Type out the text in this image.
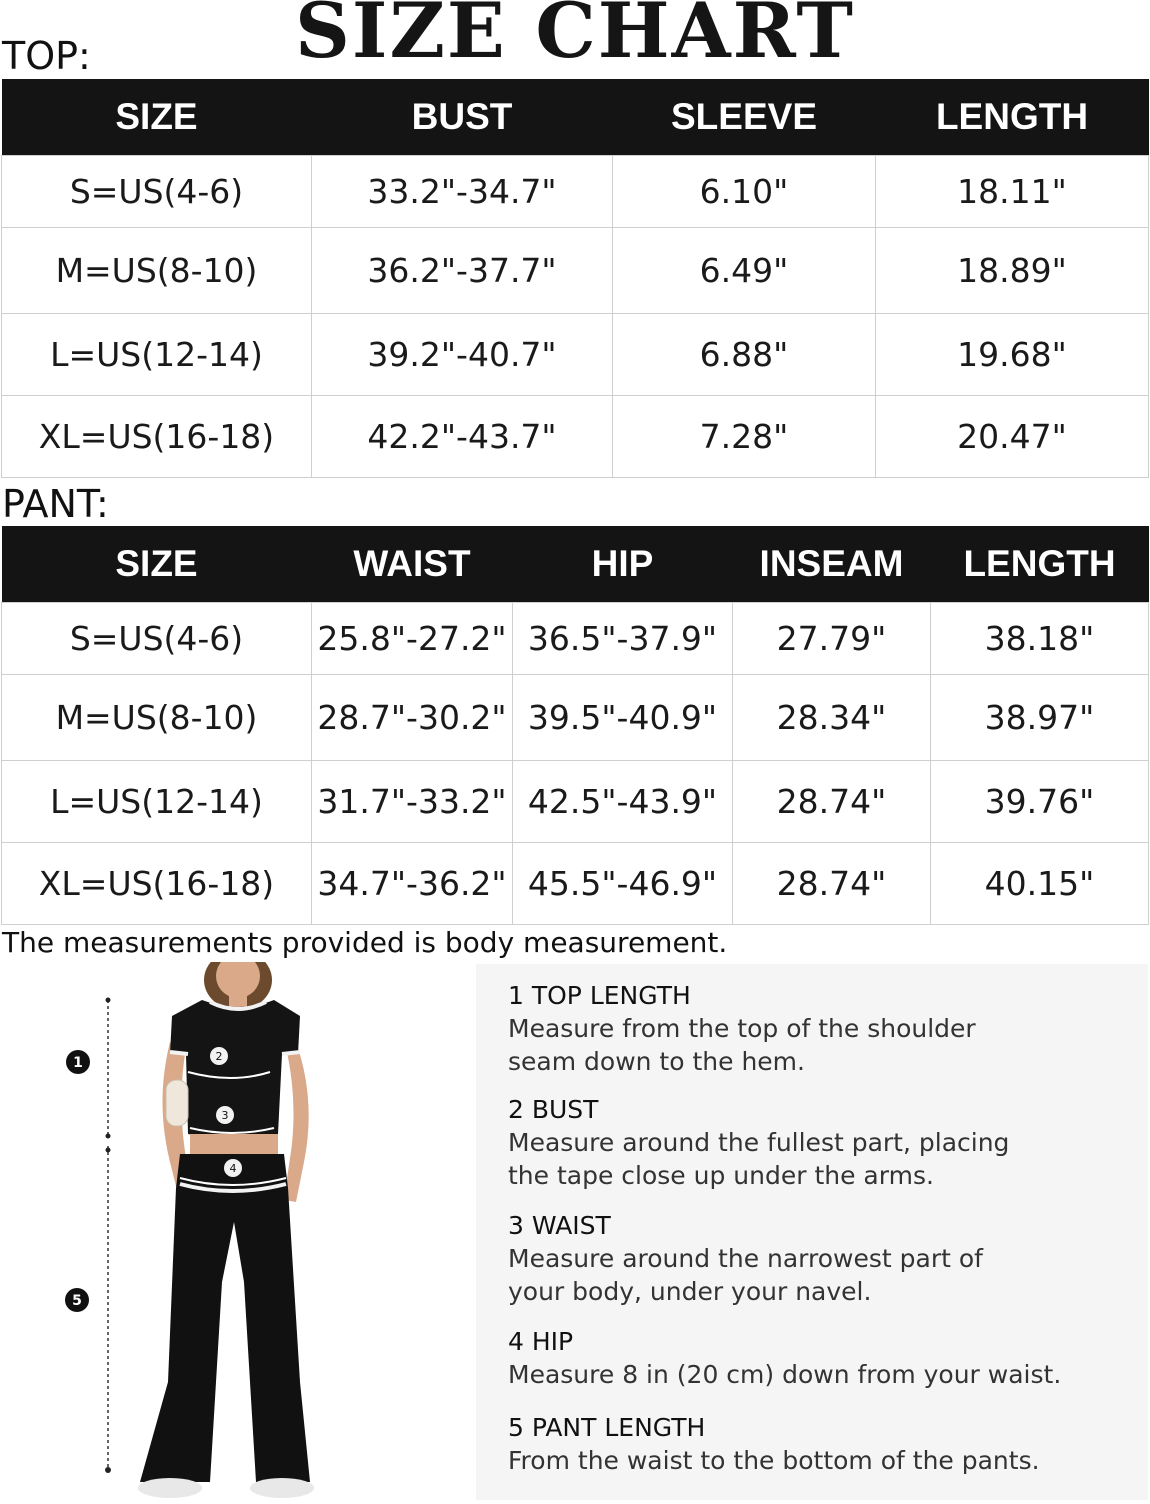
SIZE CHART
TOP:
SIZE	BUST	SLEEVE	LENGTH
S=US(4-6)	33.2"-34.7"	6.10"	18.11"
M=US(8-10)	36.2"-37.7"	6.49"	18.89"
L=US(12-14)	39.2"-40.7"	6.88"	19.68"
XL=US(16-18)	42.2"-43.7"	7.28"	20.47"
PANT:
SIZE	WAIST	HIP	INSEAM	LENGTH
S=US(4-6)	25.8"-27.2"	36.5"-37.9"	27.79"	38.18"
M=US(8-10)	28.7"-30.2"	39.5"-40.9"	28.34"	38.97"
L=US(12-14)	31.7"-33.2"	42.5"-43.9"	28.74"	39.76"
XL=US(16-18)	34.7"-36.2"	45.5"-46.9"	28.74"	40.15"
The measurements provided is body measurement.
1	2
3
4
5
1 TOP LENGTH
Measure from the top of the shoulder
seam down to the hem.
2 BUST
Measure around the fullest part, placing
the tape close up under the arms.
3 WAIST
Measure around the narrowest part of
your body, under your navel.
4 HIP
Measure 8 in (20 cm) down from your waist.
5 PANT LENGTH
From the waist to the bottom of the pants.
